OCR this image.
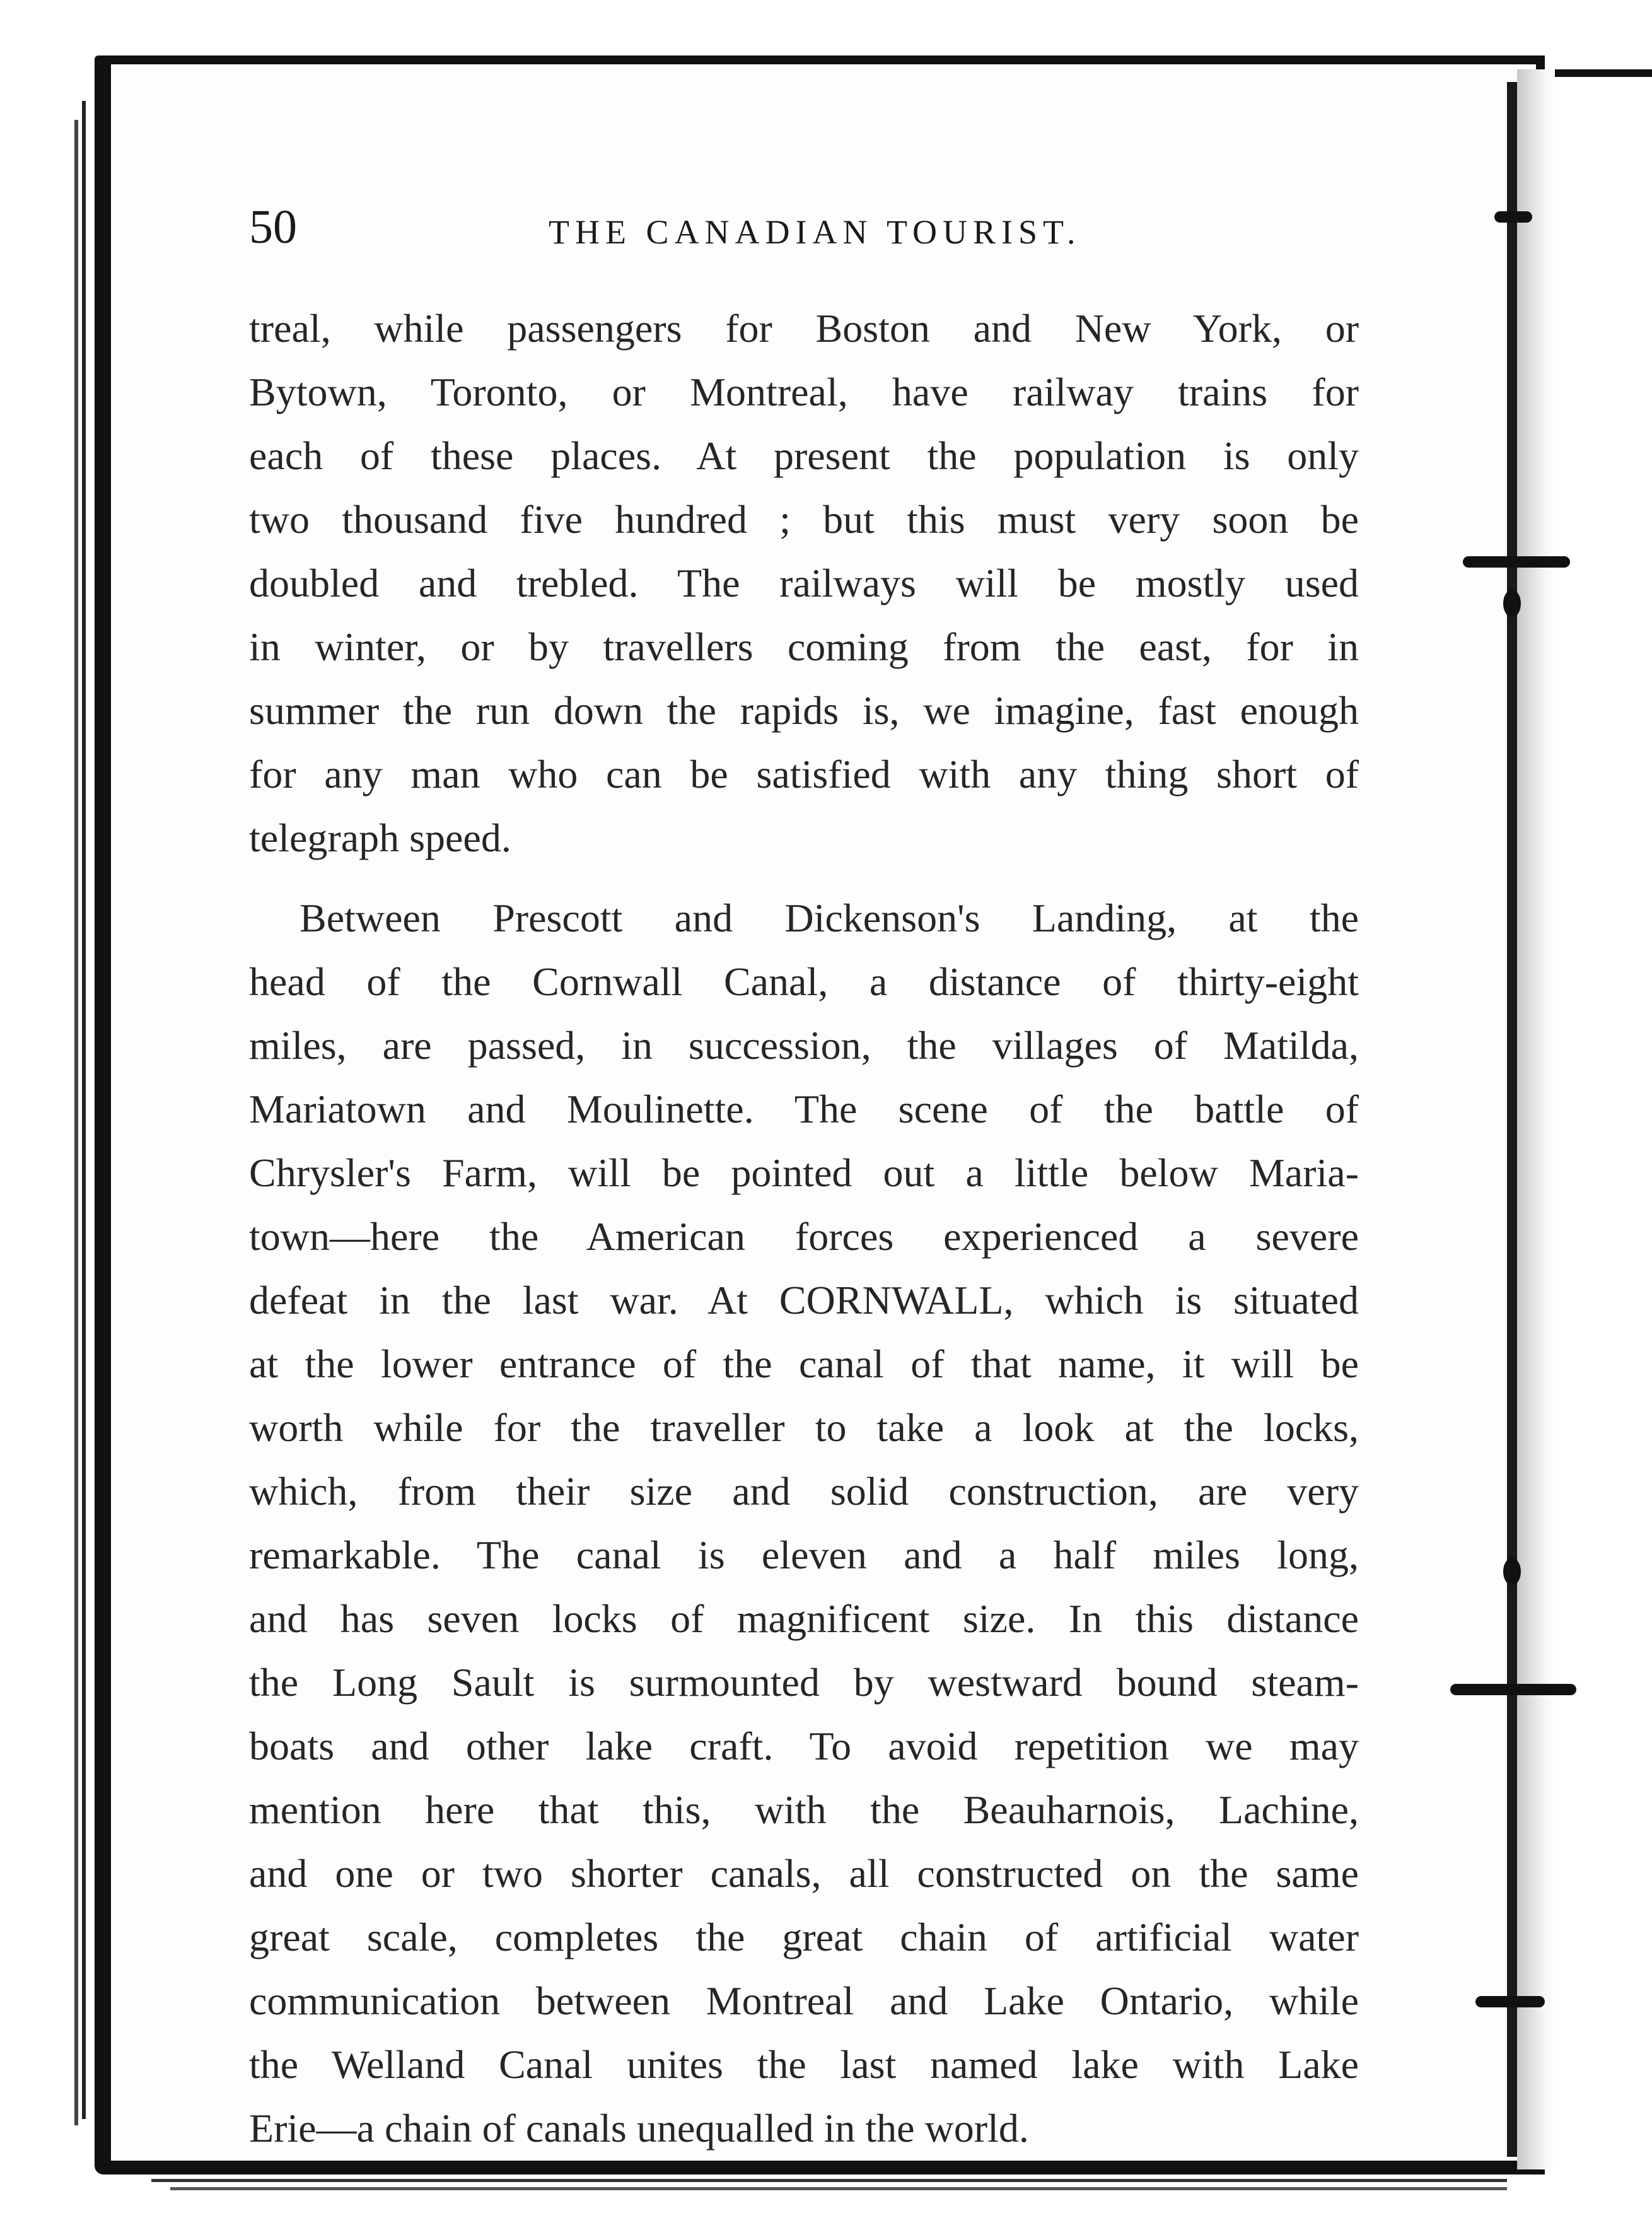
50	THE CANADIAN TOURIST.
treal, while passengers for Boston and New York, or
Bytown, Toronto, or Montreal, have railway trains for
each of these places. At present the population is only
two thousand five hundred ; but this must very soon be
doubled and trebled. The railways will be mostly used
in winter, or by travellers coming from the east, for in
summer the run down the rapids is, we imagine, fast enough
for any man who can be satisfied with any thing short of
telegraph speed.
Between Prescott and Dickenson's Landing, at the
head of the Cornwall Canal, a distance of thirty-eight
miles, are passed, in succession, the villages of Matilda,
Mariatown and Moulinette. The scene of the battle of
Chrysler's Farm, will be pointed out a little below Maria-
town—here the American forces experienced a severe
defeat in the last war. At CORNWALL, which is situated
at the lower entrance of the canal of that name, it will be
worth while for the traveller to take a look at the locks,
which, from their size and solid construction, are very
remarkable. The canal is eleven and a half miles long,
and has seven locks of magnificent size. In this distance
the Long Sault is surmounted by westward bound steam-
boats and other lake craft. To avoid repetition we may
mention here that this, with the Beauharnois, Lachine,
and one or two shorter canals, all constructed on the same
great scale, completes the great chain of artificial water
communication between Montreal and Lake Ontario, while
the Welland Canal unites the last named lake with Lake
Erie—a chain of canals unequalled in the world.
